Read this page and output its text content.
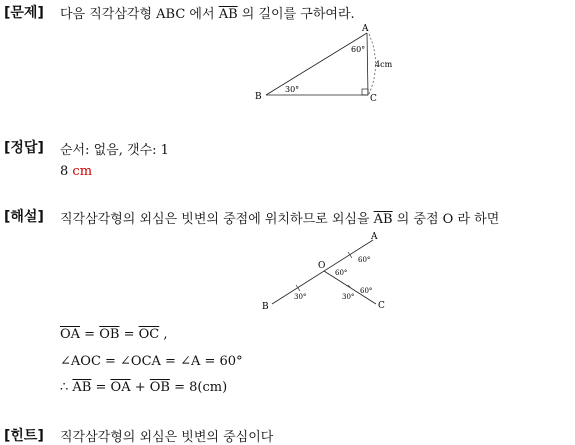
[문제] 다음 직각삼각형 ABC 에서 $\overline{AB}$ 의 길이를 구하여라.
A
B	C
60°
30°
4cm
[정답] 순서: 없음, 갯수: 1
8 cm
[해설] 직각삼각형의 외심은 빗변의 중점에 위치하므로 외심을 $\overline{AB}$ 의 중점 O 라 하면
A
B	C
O
60°
60°
30°	30°
60°
$\overline{OA} = \overline{OB} = \overline{OC}$ ,
∠AOC = ∠OCA = ∠A = 60°
∴ $\overline{AB} = \overline{OA} + \overline{OB} = 8(cm)$
[힌트] 직각삼각형의 외심은 빗변의 중심이다
